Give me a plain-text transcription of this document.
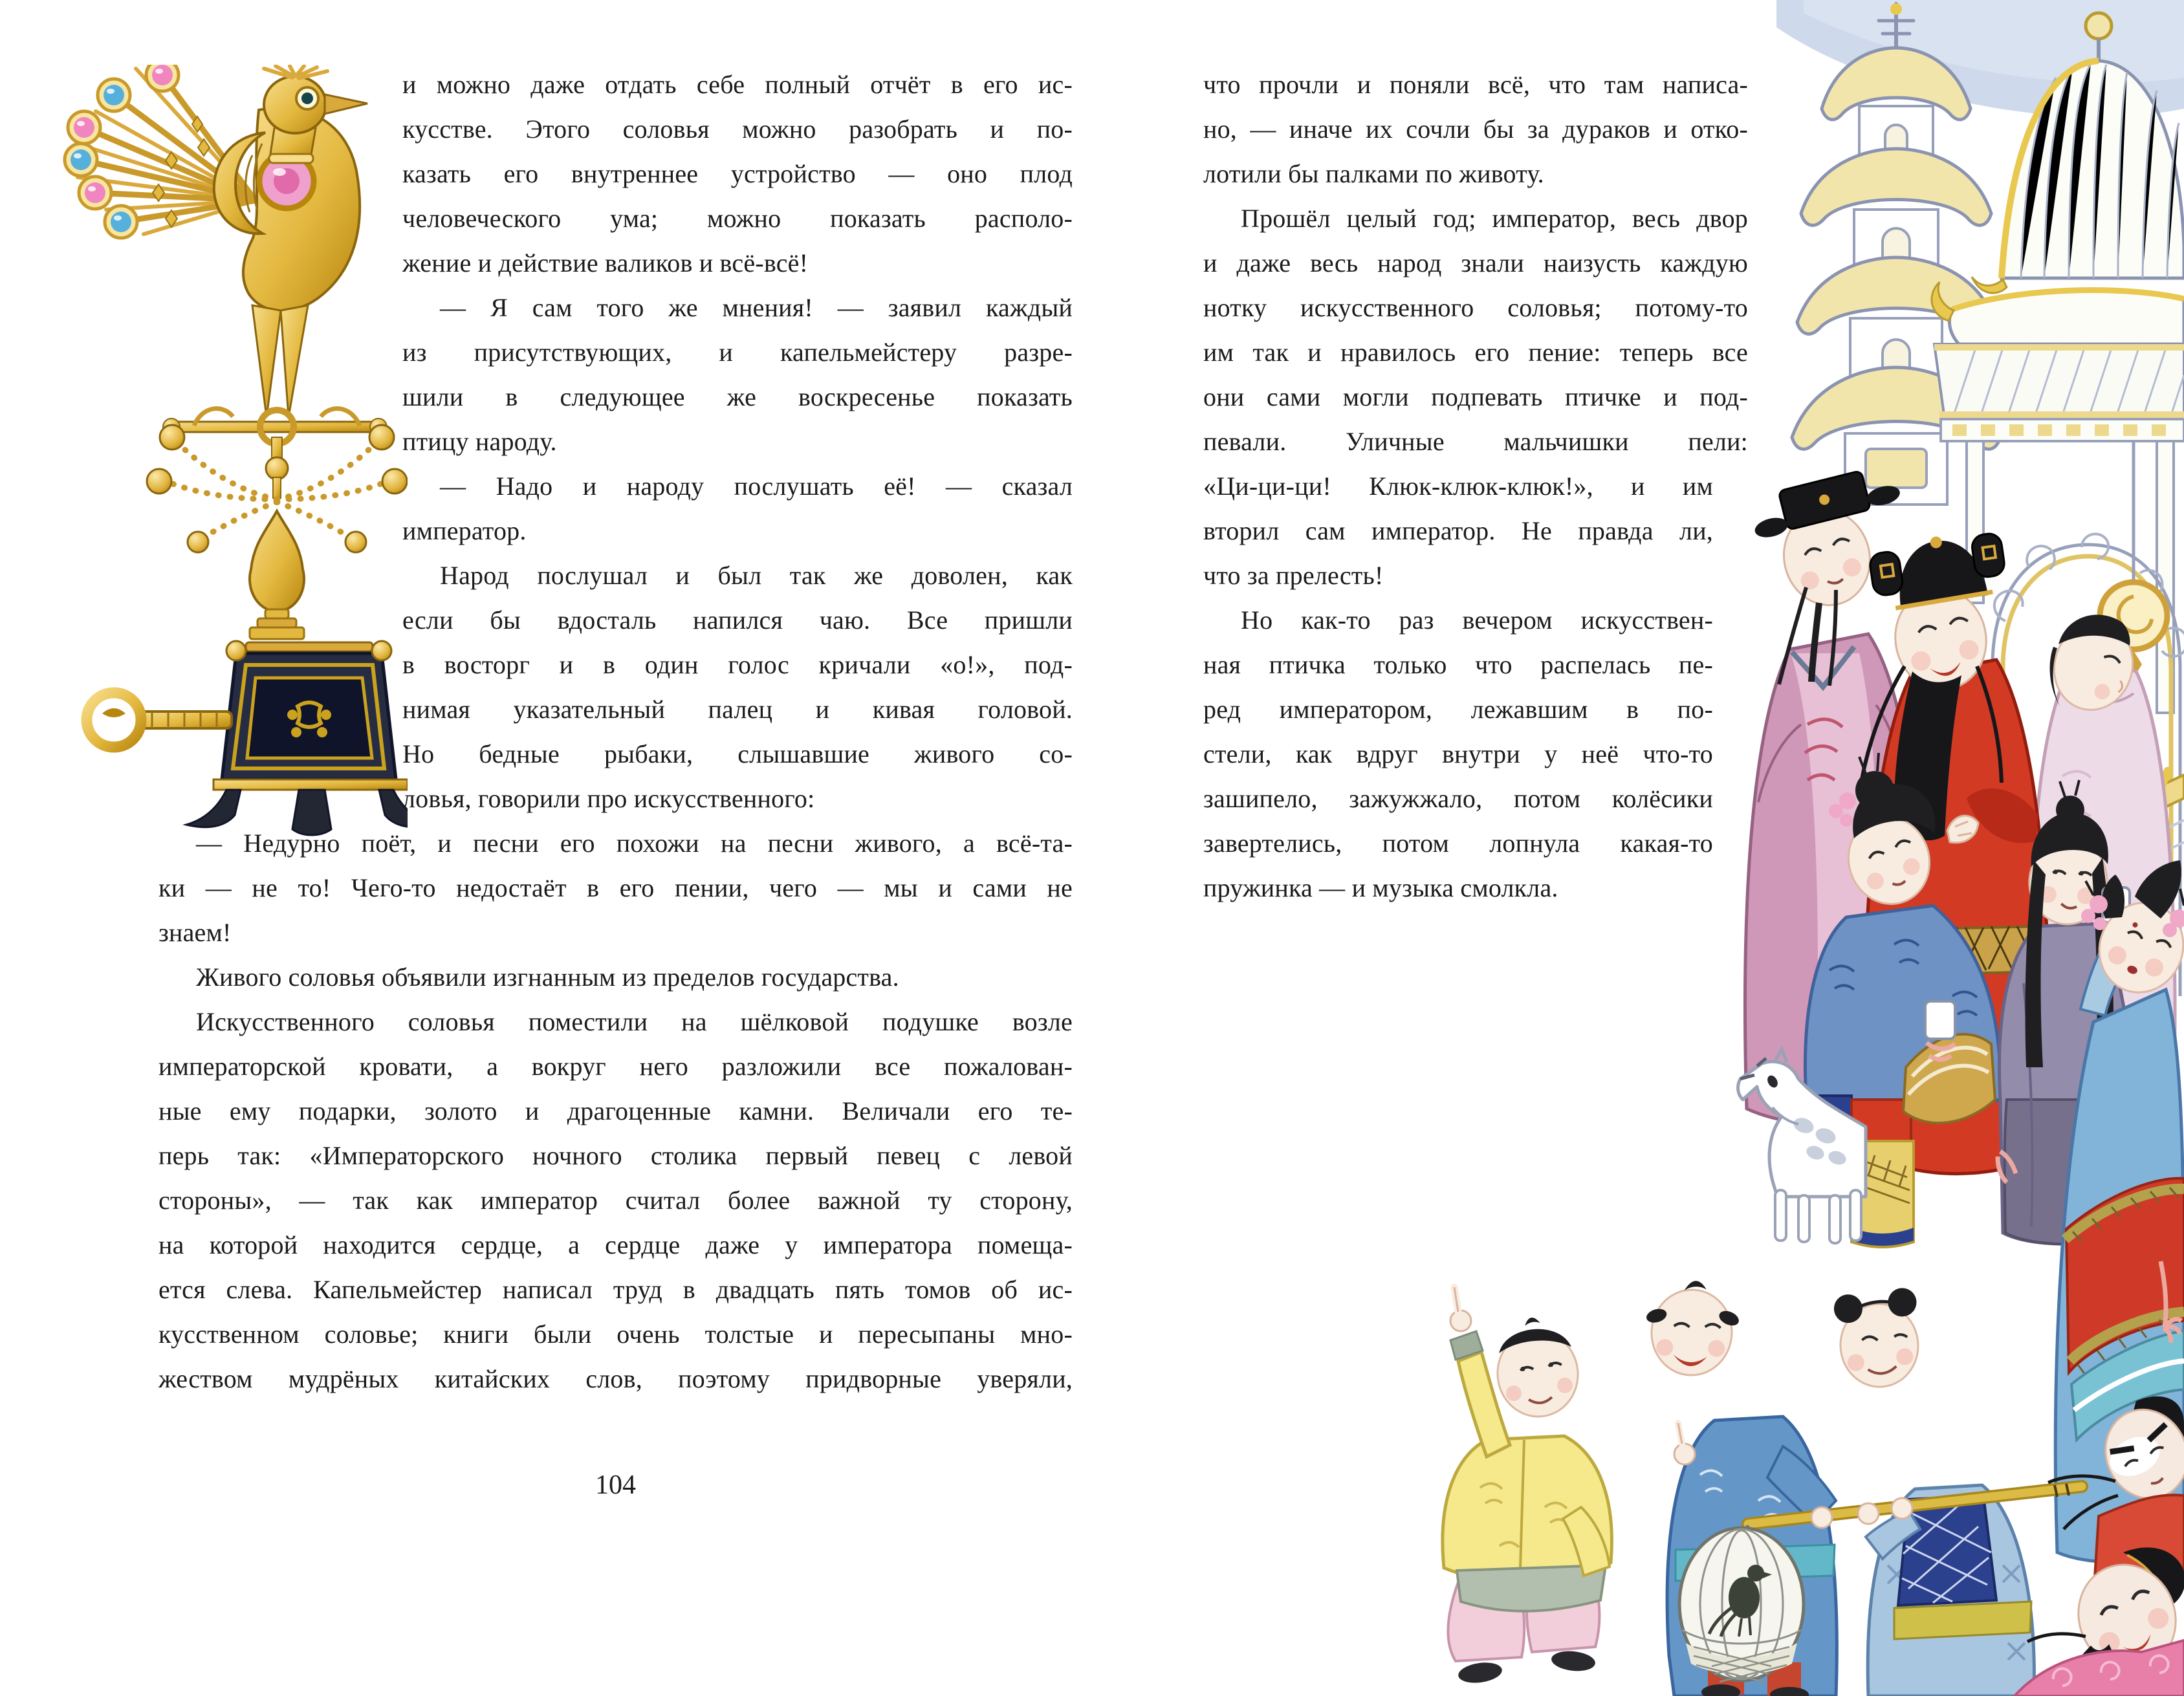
и можно даже отдать себе полный отчёт в его ис-
кусстве. Этого соловья можно разобрать и по-
казать его внутреннее устройство — оно плод
человеческого ума; можно показать располо-
жение и действие валиков и всё-всё!
— Я сам того же мнения! — заявил каждый
из присутствующих, и капельмейстеру разре-
шили в следующее же воскресенье показать
птицу народу.
— Надо и народу послушать её! — сказал
император.
Народ послушал и был так же доволен, как
если бы вдосталь напился чаю. Все пришли
в восторг и в один голос кричали «о!», под-
нимая указательный палец и кивая головой.
Но бедные рыбаки, слышавшие живого со-
ловья, говорили про искусственного:
— Недурно поёт, и песни его похожи на песни живого, а всё-та-
ки — не то! Чего-то недостаёт в его пении, чего — мы и сами не
знаем!
Живого соловья объявили изгнанным из пределов государства.
Искусственного соловья поместили на шёлковой подушке возле
императорской кровати, а вокруг него разложили все пожалован-
ные ему подарки, золото и драгоценные камни. Величали его те-
перь так: «Императорского ночного столика первый певец с левой
стороны», — так как император считал более важной ту сторону,
на которой находится сердце, а сердце даже у императора помеща-
ется слева. Капельмейстер написал труд в двадцать пять томов об ис-
кусственном соловье; книги были очень толстые и пересыпаны мно-
жеством мудрёных китайских слов, поэтому придворные уверяли,
104
что прочли и поняли всё, что там написа-
но, — иначе их сочли бы за дураков и отко-
лотили бы палками по животу.
Прошёл целый год; император, весь двор
и даже весь народ знали наизусть каждую
нотку искусственного соловья; потому-то
им так и нравилось его пение: теперь все
они сами могли подпевать птичке и под-
певали. Уличные мальчишки пели:
«Ци-ци-ци! Клюк-клюк-клюк!», и им
вторил сам император. Не правда ли,
что за прелесть!
Но как-то раз вечером искусствен-
ная птичка только что распелась пе-
ред императором, лежавшим в по-
стели, как вдруг внутри у неё что-то
зашипело, зажужжало, потом колёсики
завертелись, потом лопнула какая-то
пружинка — и музыка смолкла.
